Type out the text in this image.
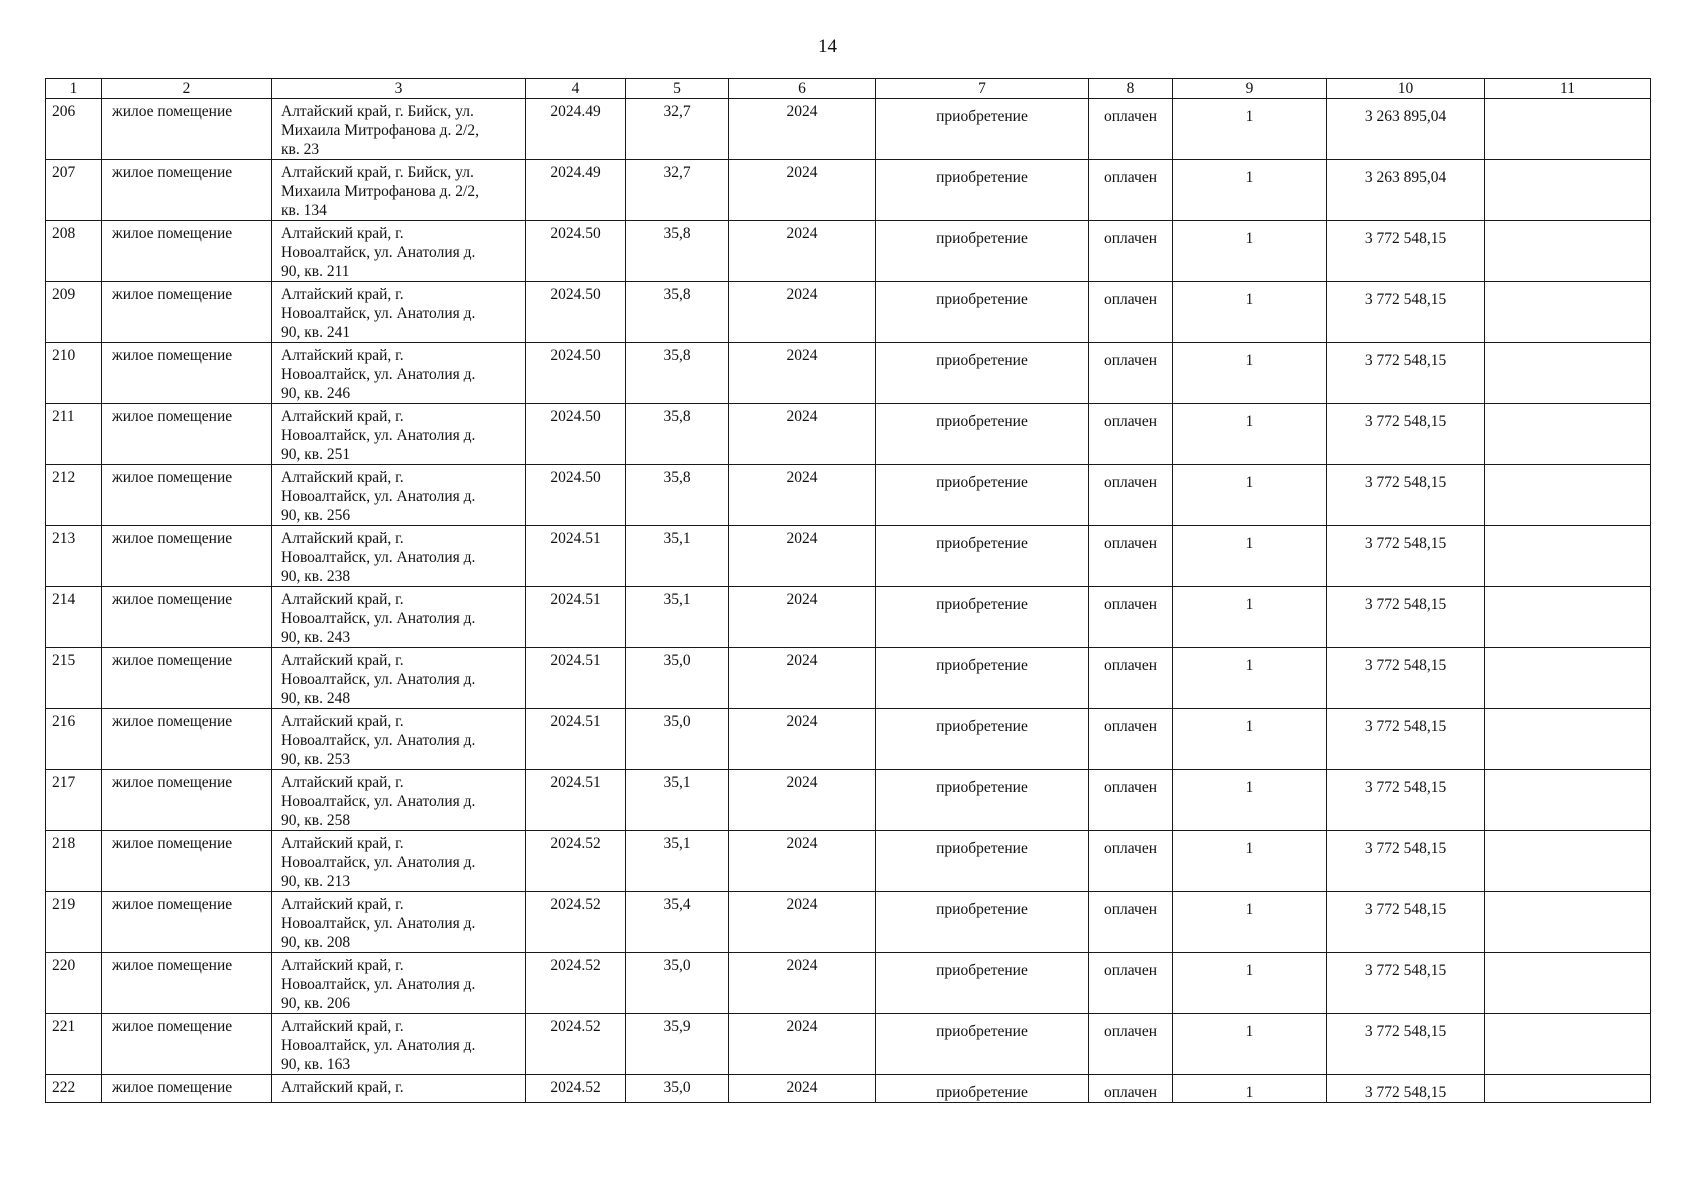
14
1	2	3	4	5	6	7	8	9	10	11
206	жилое помещение	Алтайский край, г. Бийск, ул.
Михаила Митрофанова д. 2/2,
кв. 23	2024.49	32,7	2024	приобретение	оплачен	1	3 263 895,04	
207	жилое помещение	Алтайский край, г. Бийск, ул.
Михаила Митрофанова д. 2/2,
кв. 134	2024.49	32,7	2024	приобретение	оплачен	1	3 263 895,04	
208	жилое помещение	Алтайский край, г.
Новоалтайск, ул. Анатолия д.
90, кв. 211	2024.50	35,8	2024	приобретение	оплачен	1	3 772 548,15	
209	жилое помещение	Алтайский край, г.
Новоалтайск, ул. Анатолия д.
90, кв. 241	2024.50	35,8	2024	приобретение	оплачен	1	3 772 548,15	
210	жилое помещение	Алтайский край, г.
Новоалтайск, ул. Анатолия д.
90, кв. 246	2024.50	35,8	2024	приобретение	оплачен	1	3 772 548,15	
211	жилое помещение	Алтайский край, г.
Новоалтайск, ул. Анатолия д.
90, кв. 251	2024.50	35,8	2024	приобретение	оплачен	1	3 772 548,15	
212	жилое помещение	Алтайский край, г.
Новоалтайск, ул. Анатолия д.
90, кв. 256	2024.50	35,8	2024	приобретение	оплачен	1	3 772 548,15	
213	жилое помещение	Алтайский край, г.
Новоалтайск, ул. Анатолия д.
90, кв. 238	2024.51	35,1	2024	приобретение	оплачен	1	3 772 548,15	
214	жилое помещение	Алтайский край, г.
Новоалтайск, ул. Анатолия д.
90, кв. 243	2024.51	35,1	2024	приобретение	оплачен	1	3 772 548,15	
215	жилое помещение	Алтайский край, г.
Новоалтайск, ул. Анатолия д.
90, кв. 248	2024.51	35,0	2024	приобретение	оплачен	1	3 772 548,15	
216	жилое помещение	Алтайский край, г.
Новоалтайск, ул. Анатолия д.
90, кв. 253	2024.51	35,0	2024	приобретение	оплачен	1	3 772 548,15	
217	жилое помещение	Алтайский край, г.
Новоалтайск, ул. Анатолия д.
90, кв. 258	2024.51	35,1	2024	приобретение	оплачен	1	3 772 548,15	
218	жилое помещение	Алтайский край, г.
Новоалтайск, ул. Анатолия д.
90, кв. 213	2024.52	35,1	2024	приобретение	оплачен	1	3 772 548,15	
219	жилое помещение	Алтайский край, г.
Новоалтайск, ул. Анатолия д.
90, кв. 208	2024.52	35,4	2024	приобретение	оплачен	1	3 772 548,15	
220	жилое помещение	Алтайский край, г.
Новоалтайск, ул. Анатолия д.
90, кв. 206	2024.52	35,0	2024	приобретение	оплачен	1	3 772 548,15	
221	жилое помещение	Алтайский край, г.
Новоалтайск, ул. Анатолия д.
90, кв. 163	2024.52	35,9	2024	приобретение	оплачен	1	3 772 548,15	
222	жилое помещение	Алтайский край, г.	2024.52	35,0	2024	приобретение	оплачен	1	3 772 548,15	
